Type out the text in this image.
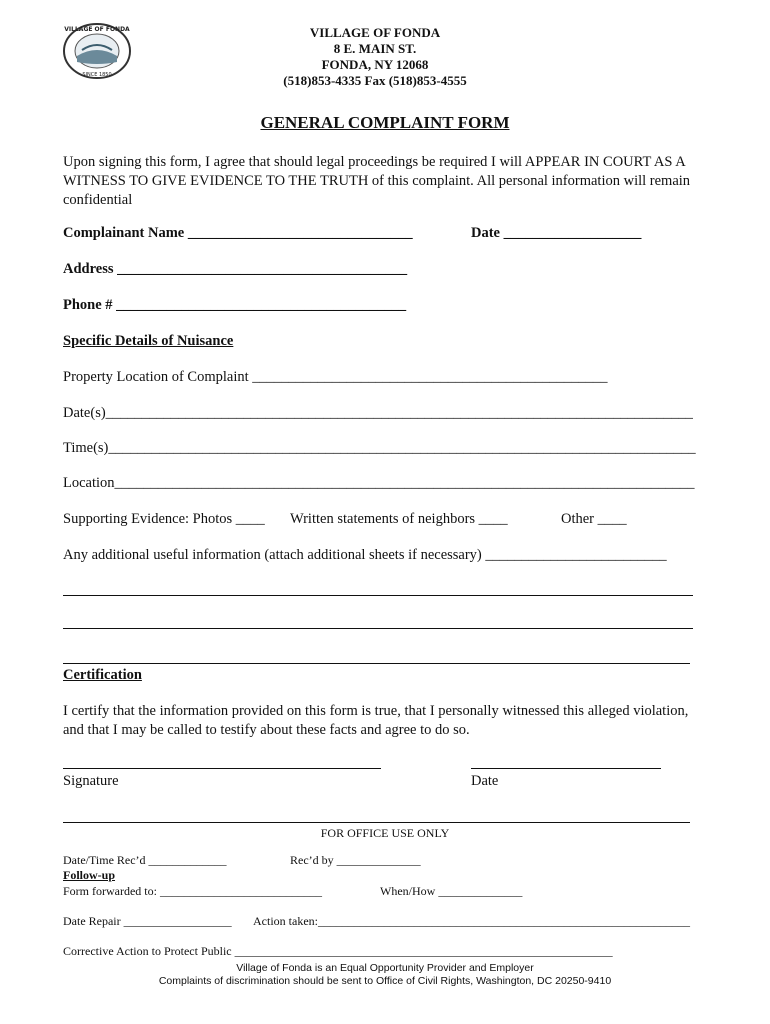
VILLAGE OF FONDA
SINCE 1850
VILLAGE OF FONDA
8 E. MAIN ST.
FONDA, NY 12068
(518)853-4335 Fax (518)853-4555
GENERAL COMPLAINT FORM
Upon signing this form, I agree that should legal proceedings be required I will APPEAR IN COURT AS A WITNESS TO GIVE EVIDENCE TO THE TRUTH of this complaint. All personal information will remain confidential
Complainant Name _______________________________	Date ___________________
Address ________________________________________
Phone # ________________________________________
Specific Details of Nuisance
Property Location of Complaint _________________________________________________
Date(s)_________________________________________________________________________________
Time(s)_________________________________________________________________________________
Location________________________________________________________________________________
Supporting Evidence: Photos ____ Written statements of neighbors ____	Other ____
Any additional useful information (attach additional sheets if necessary) _________________________
Certification
I certify that the information provided on this form is true, that I personally witnessed this alleged violation, and that I may be called to testify about these facts and agree to do so.
Signature	Date
FOR OFFICE USE ONLY
Date/Time Rec’d _____________	Rec’d by ______________
Follow-up
Form forwarded to: ___________________________	When/How ______________
Date Repair __________________ Action taken:______________________________________________________________
Corrective Action to Protect Public _______________________________________________________________
Village of Fonda is an Equal Opportunity Provider and Employer
Complaints of discrimination should be sent to Office of Civil Rights, Washington, DC 20250-9410
